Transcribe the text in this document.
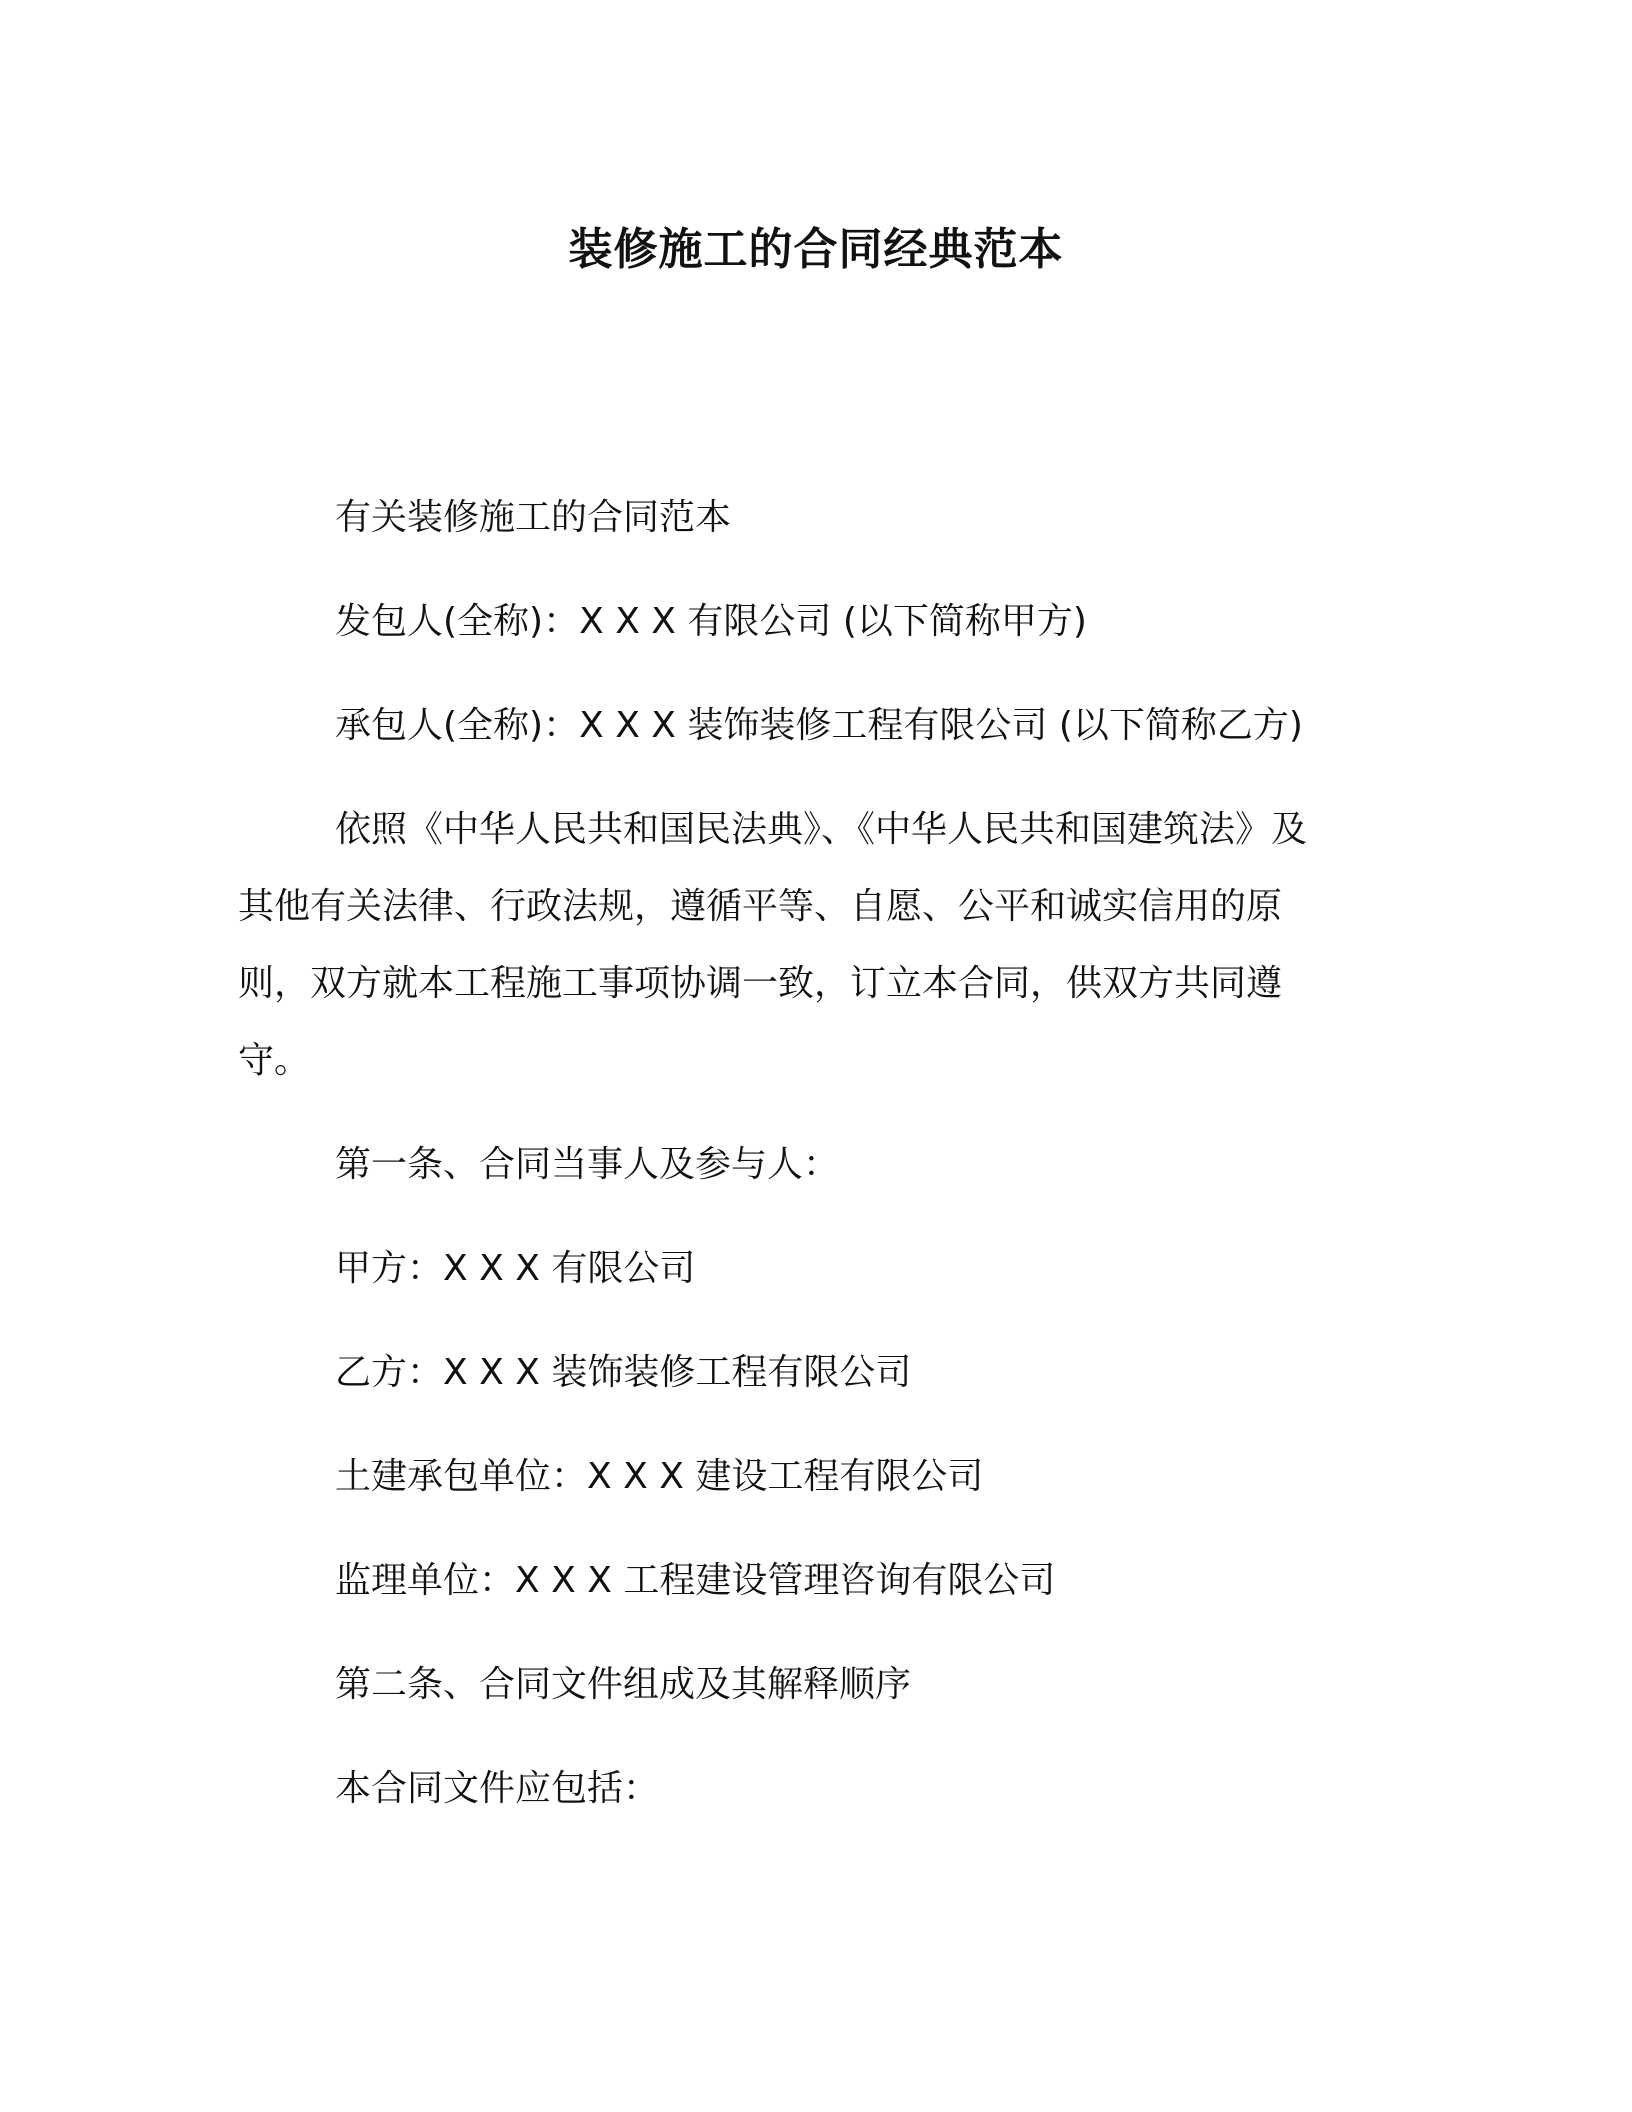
装修施工的合同经典范本

有关装修施工的合同范本

发包人(全称)：X X X 有限公司 (以下简称甲方)

承包人(全称)：X X X 装饰装修工程有限公司 (以下简称乙方)

依照《中华人民共和国民法典》、《中华人民共和国建筑法》及

其他有关法律、行政法规，遵循平等、自愿、公平和诚实信用的原

则，双方就本工程施工事项协调一致，订立本合同，供双方共同遵

守。

第一条、合同当事人及参与人：

甲方：X X X 有限公司

乙方：X X X 装饰装修工程有限公司

土建承包单位：X X X 建设工程有限公司

监理单位：X X X 工程建设管理咨询有限公司

第二条、合同文件组成及其解释顺序

本合同文件应包括：
